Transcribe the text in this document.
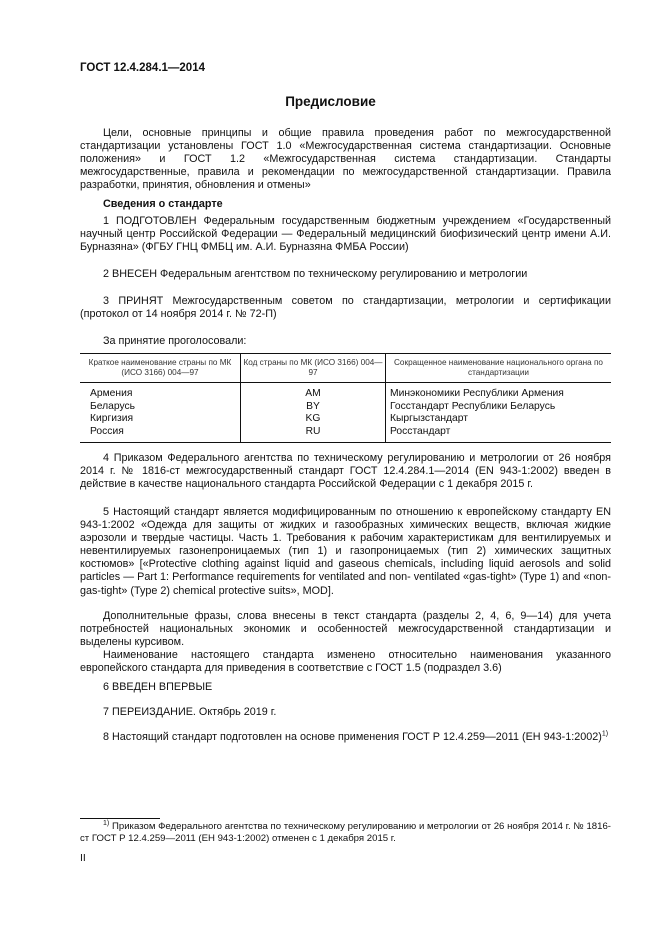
ГОСТ 12.4.284.1—2014
Предисловие

Цели, основные принципы и общие правила проведения работ по межгосударственной стандартизации установлены ГОСТ 1.0 «Межгосударственная система стандартизации. Основные положения» и ГОСТ 1.2 «Межгосударственная система стандартизации. Стандарты межгосударственные, правила и рекомендации по межгосударственной стандартизации. Правила разработки, принятия, обновления и отмены»

Сведения о стандарте

1 ПОДГОТОВЛЕН Федеральным государственным бюджетным учреждением «Государственный научный центр Российской Федерации — Федеральный медицинский биофизический центр имени А.И. Бурназяна» (ФГБУ ГНЦ ФМБЦ им. А.И. Бурназяна ФМБА России)

2 ВНЕСЕН Федеральным агентством по техническому регулированию и метрологии

3 ПРИНЯТ Межгосударственным советом по стандартизации, метрологии и сертификации (протокол от 14 ноября 2014 г. № 72-П)

За принятие проголосовали:

Краткое наименование страны по МК (ИСО 3166) 004—97	Код страны по МК (ИСО 3166) 004—97	Сокращенное наименование национального органа по стандартизации
Армения	AM	Минэкономики Республики Армения
Беларусь	BY	Госстандарт Республики Беларусь
Киргизия	KG	Кыргызстандарт
Россия	RU	Росстандарт

4 Приказом Федерального агентства по техническому регулированию и метрологии от 26 ноября 2014 г. № 1816-ст межгосударственный стандарт ГОСТ 12.4.284.1—2014 (EN 943-1:2002) введен в действие в качестве национального стандарта Российской Федерации с 1 декабря 2015 г.

5 Настоящий стандарт является модифицированным по отношению к европейскому стандарту EN 943-1:2002 «Одежда для защиты от жидких и газообразных химических веществ, включая жидкие аэрозоли и твердые частицы. Часть 1. Требования к рабочим характеристикам для вентилируемых и невентилируемых газонепроницаемых (тип 1) и газопроницаемых (тип 2) химических защитных костюмов» [«Protective clothing against liquid and gaseous chemicals, including liquid aerosols and solid particles — Part 1: Performance requirements for ventilated and non- ventilated «gas-tight» (Type 1) and «non-gas-tight» (Type 2) chemical protective suits», MOD].

Дополнительные фразы, слова внесены в текст стандарта (разделы 2, 4, 6, 9—14) для учета потребностей национальных экономик и особенностей межгосударственной стандартизации и выделены курсивом.

Наименование настоящего стандарта изменено относительно наименования указанного европейского стандарта для приведения в соответствие с ГОСТ 1.5 (подраздел 3.6)

6 ВВЕДЕН ВПЕРВЫЕ

7 ПЕРЕИЗДАНИЕ. Октябрь 2019 г.

8 Настоящий стандарт подготовлен на основе применения ГОСТ Р 12.4.259—2011 (ЕН 943-1:2002)$^{1)}$

$^{1)}$ Приказом Федерального агентства по техническому регулированию и метрологии от 26 ноября 2014 г. № 1816-ст ГОСТ Р 12.4.259—2011 (ЕН 943-1:2002) отменен с 1 декабря 2015 г.
II
